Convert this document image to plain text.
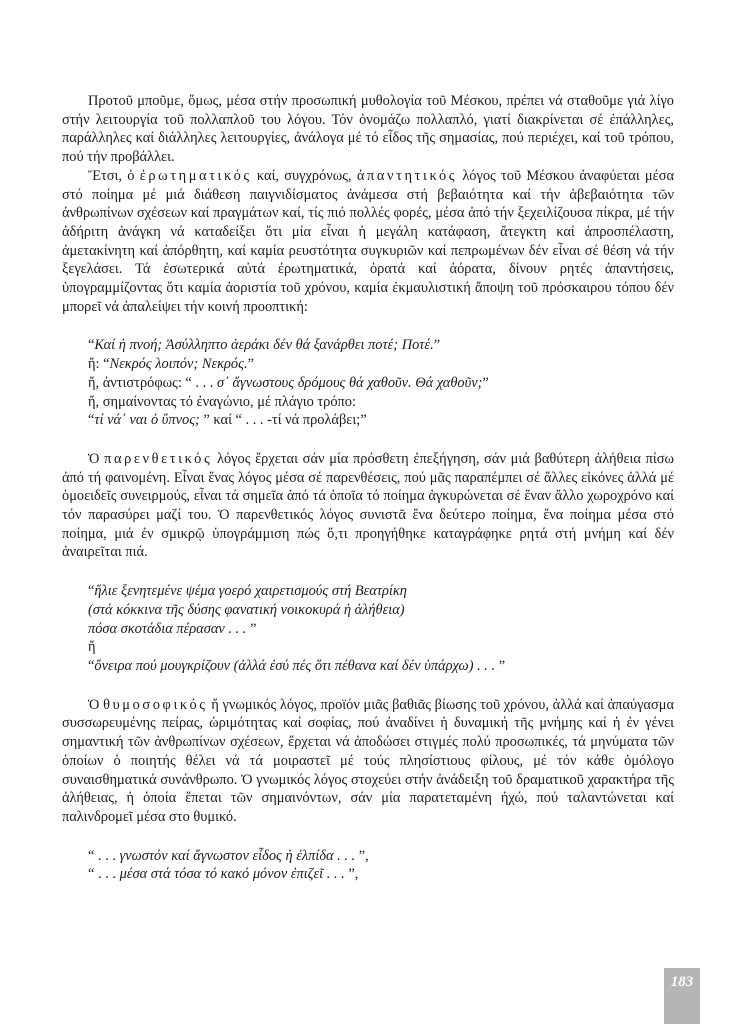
Προτοῦ μποῦμε, ὅμως, μέσα στήν προσωπική μυθολογία τοῦ Μέσκου, πρέπει νά σταθοῦμε γιά λίγο στήν λειτουργία τοῦ πολλαπλοῦ του λόγου. Τόν ὀνομάζω πολλαπλό, γιατί διακρίνεται σέ ἐπάλληλες, παράλληλες καί διάλληλες λειτουργίες, ἀνάλογα μέ τό εἶδος τῆς σημασίας, πού περιέχει, καί τοῦ τρόπου, πού τήν προβάλλει.

Ἔτσι, ὁ ἐρωτηματικός καί, συγχρόνως, ἀπαντητικός λόγος τοῦ Μέσκου ἀναφύεται μέσα στό ποίημα μέ μιά διάθεση παιγνιδίσματος ἀνάμεσα στή βεβαιότητα καί τήν ἀβεβαιότητα τῶν ἀνθρωπίνων σχέσεων καί πραγμάτων καί, τίς πιό πολλές φορές, μέσα ἀπό τήν ξεχειλίζουσα πίκρα, μέ τήν ἀδήριτη ἀνάγκη νά καταδείξει ὅτι μία εἶναι ἡ μεγάλη κατάφαση, ἄτεγκτη καί ἀπροσπέλαστη, ἀμετακίνητη καί ἀπόρθητη, καί καμία ρευστότητα συγκυριῶν καί πεπρωμένων δέν εἶναι σέ θέση νά τήν ξεγελάσει. Τά ἐσωτερικά αὐτά ἐρωτηματικά, ὁρατά καί ἀόρατα, δίνουν ρητές ἀπαντήσεις, ὑπογραμμίζοντας ὅτι καμία ἀοριστία τοῦ χρόνου, καμία ἐκμαυλιστική ἄποψη τοῦ πρόσκαιρου τόπου δέν μπορεῖ νά ἀπαλείψει τήν κοινή προοπτική:

“Καί ἡ πνοή; Ἀσύλληπτο ἀεράκι δέν θά ξανάρθει ποτέ; Ποτέ.”
ἤ: “Νεκρός λοιπόν; Νεκρός.”
ἤ, ἀντιστρόφως: “ . . . σ᾿ ἄγνωστους δρόμους θά χαθοῦν. Θά χαθοῦν;”
ἤ, σημαίνοντας τό ἐναγώνιο, μέ πλάγιο τρόπο:
“τί νά᾿ ναι ὁ ὕπνος; ” καί “ . . . -τί νά προλάβει;”

Ὁ παρενθετικός λόγος ἔρχεται σάν μία πρόσθετη ἐπεξήγηση, σάν μιά βαθύτερη ἀλήθεια πίσω ἀπό τή φαινομένη. Εἶναι ἕνας λόγος μέσα σέ παρενθέσεις, πού μᾶς παραπέμπει σέ ἄλλες εἰκόνες ἀλλά μέ ὁμοειδεῖς συνειρμούς, εἶναι τά σημεῖα ἀπό τά ὁποῖα τό ποίημα ἀγκυρώνεται σέ ἕναν ἄλλο χωροχρόνο καί τόν παρασύρει μαζί του. Ὁ παρενθετικός λόγος συνιστᾶ ἕνα δεύτερο ποίημα, ἕνα ποίημα μέσα στό ποίημα, μιά ἐν σμικρῷ ὑπογράμμιση πώς ὅ,τι προηγήθηκε καταγράφηκε ρητά στή μνήμη καί δέν ἀναιρεῖται πιά.

“ἥλιε ξενητεμένε ψέμα γοερό χαιρετισμούς στή Βεατρίκη
(στά κόκκινα τῆς δύσης φανατική νοικοκυρά ἡ ἀλήθεια)
πόσα σκοτάδια πέρασαν . . . ”
ἤ
“ὄνειρα πού μουγκρίζουν (ἀλλά ἐσύ πές ὅτι πέθανα καί δέν ὑπάρχω) . . . ”

Ὁ θυμοσοφικός ἤ γνωμικός λόγος, προϊόν μιᾶς βαθιᾶς βίωσης τοῦ χρόνου, ἀλλά καί ἀπαύγασμα συσσωρευμένης πείρας, ὡριμότητας καί σοφίας, πού ἀναδίνει ἡ δυναμική τῆς μνήμης καί ἡ ἐν γένει σημαντική τῶν ἀνθρωπίνων σχέσεων, ἔρχεται νά ἀποδώσει στιγμές πολύ προσωπικές, τά μηνύματα τῶν ὁποίων ὁ ποιητής θέλει νά τά μοιραστεῖ μέ τούς πλησίστιους φίλους, μέ τόν κάθε ὁμόλογο συναισθηματικά συνάνθρωπο. Ὁ γνωμικός λόγος στοχεύει στήν ἀνάδειξη τοῦ δραματικοῦ χαρακτήρα τῆς ἀλήθειας, ἡ ὁποία ἕπεται τῶν σημαινόντων, σάν μία παρατεταμένη ἠχώ, πού ταλαντώνεται καί παλινδρομεῖ μέσα στο θυμικό.

“ . . . γνωστόν καί ἄγνωστον εἶδος ἡ ἐλπίδα . . . ”,
“ . . . μέσα στά τόσα τό κακό μόνον ἐπιζεῖ . . . ”,
183
